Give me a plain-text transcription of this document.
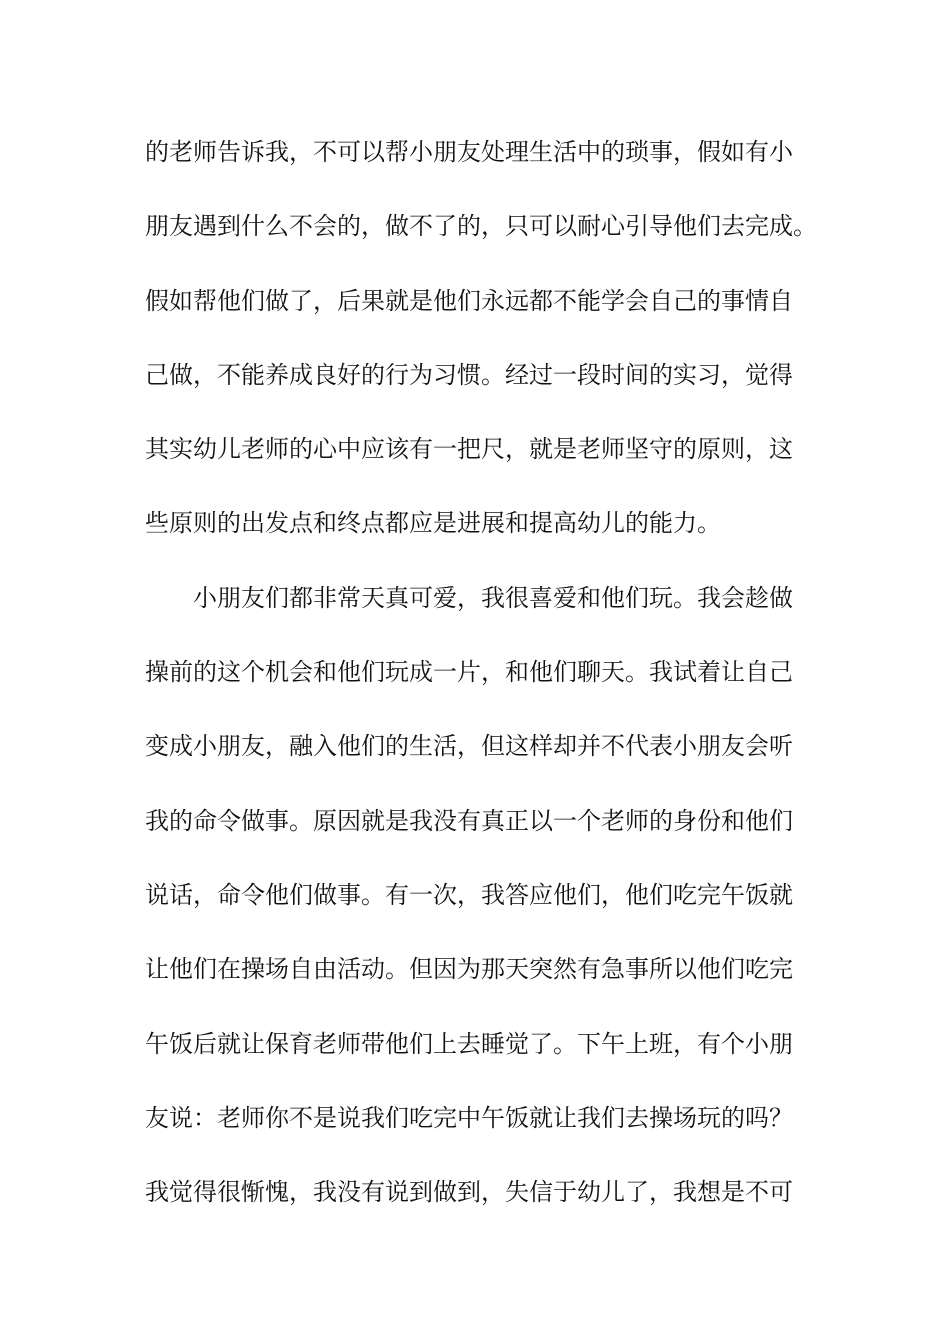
的老师告诉我，不可以帮小朋友处理生活中的琐事，假如有小
朋友遇到什么不会的，做不了的，只可以耐心引导他们去完成。
假如帮他们做了，后果就是他们永远都不能学会自己的事情自
己做，不能养成良好的行为习惯。经过一段时间的实习，觉得
其实幼儿老师的心中应该有一把尺，就是老师坚守的原则，这
些原则的出发点和终点都应是进展和提高幼儿的能力。
小朋友们都非常天真可爱，我很喜爱和他们玩。我会趁做
操前的这个机会和他们玩成一片，和他们聊天。我试着让自己
变成小朋友，融入他们的生活，但这样却并不代表小朋友会听
我的命令做事。原因就是我没有真正以一个老师的身份和他们
说话，命令他们做事。有一次，我答应他们，他们吃完午饭就
让他们在操场自由活动。但因为那天突然有急事所以他们吃完
午饭后就让保育老师带他们上去睡觉了。下午上班，有个小朋
友说：老师你不是说我们吃完中午饭就让我们去操场玩的吗？
我觉得很惭愧，我没有说到做到，失信于幼儿了，我想是不可
